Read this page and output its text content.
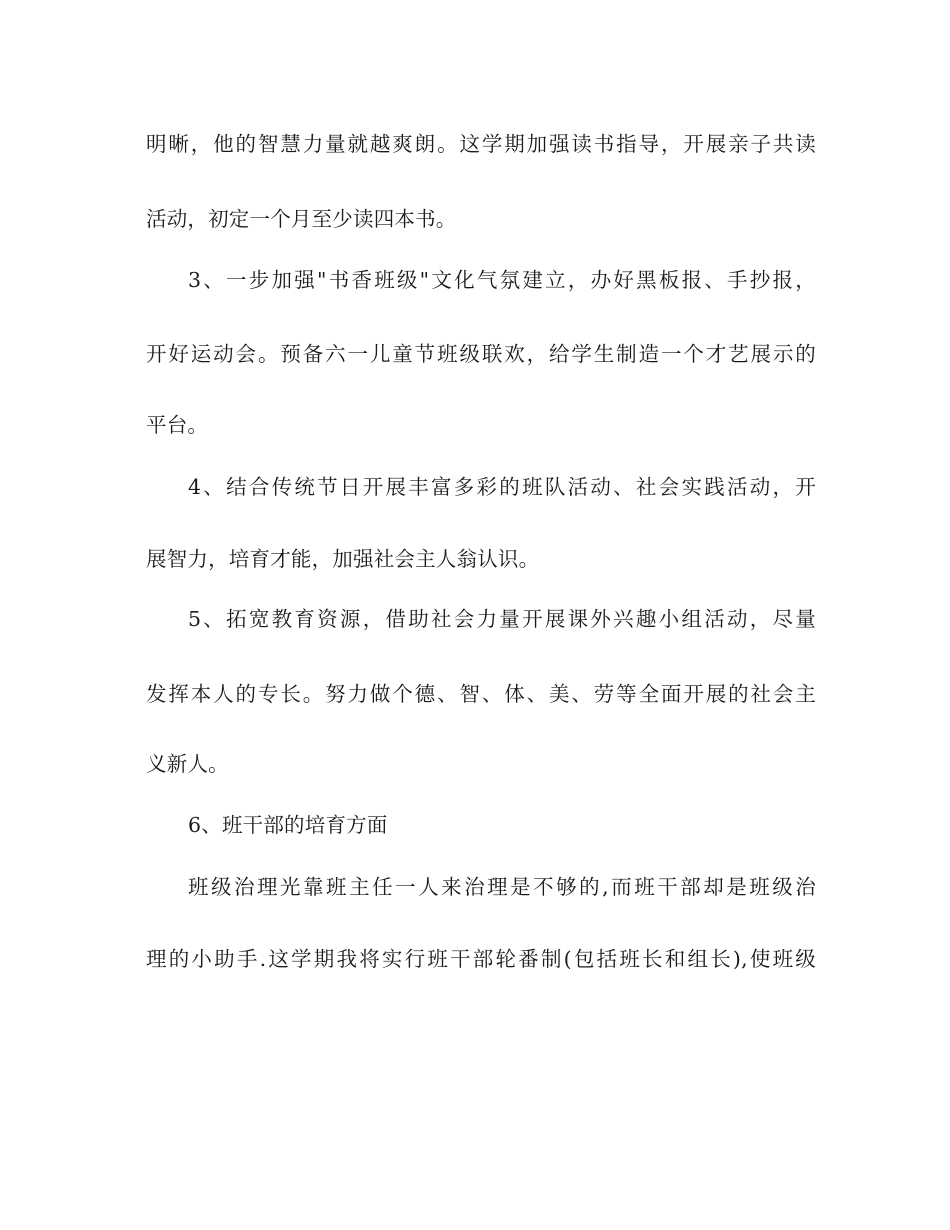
明晰，他的智慧力量就越爽朗。这学期加强读书指导，开展亲子共读
活动，初定一个月至少读四本书。
3、一步加强"书香班级"文化气氛建立，办好黑板报、手抄报，
开好运动会。预备六一儿童节班级联欢，给学生制造一个才艺展示的
平台。
4、结合传统节日开展丰富多彩的班队活动、社会实践活动，开
展智力，培育才能，加强社会主人翁认识。
5、拓宽教育资源，借助社会力量开展课外兴趣小组活动，尽量
发挥本人的专长。努力做个德、智、体、美、劳等全面开展的社会主
义新人。
6、班干部的培育方面
班级治理光靠班主任一人来治理是不够的,而班干部却是班级治
理的小助手.这学期我将实行班干部轮番制(包括班长和组长),使班级
